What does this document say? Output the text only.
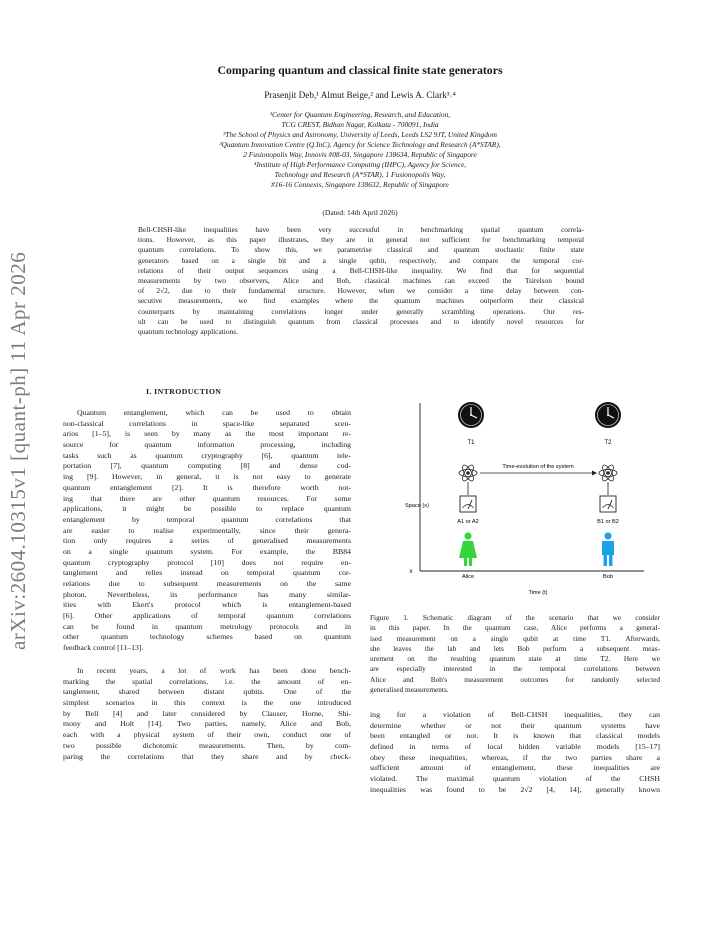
arXiv:2604.10315v1 [quant-ph] 11 Apr 2026
Comparing quantum and classical finite state generators
Prasenjit Deb,¹ Almut Beige,² and Lewis A. Clark³˒⁴
¹Center for Quantum Engineering, Research, and Education,
TCG CREST, Bidhan Nagar, Kolkata - 700091, India
²The School of Physics and Astronomy, University of Leeds, Leeds LS2 9JT, United Kingdom
³Quantum Innovation Centre (Q.InC), Agency for Science Technology and Research (A*STAR),
2 Fusionopolis Way, Innovis #08-03, Singapore 138634, Republic of Singapore
⁴Institute of High Performance Computing (IHPC), Agency for Science,
Technology and Research (A*STAR), 1 Fusionopolis Way,
#16-16 Connexis, Singapore 138632, Republic of Singapore
(Dated: 14th April 2026)
Bell-CHSH-like inequalities have been very successful in benchmarking spatial quantum correla-
tions. However, as this paper illustrates, they are in general not sufficient for benchmarking temporal
quantum correlations. To show this, we parametrise classical and quantum stochastic finite state
generators based on a single bit and a single qubit, respectively, and compare the temporal cor-
relations of their output sequences using a Bell-CHSH-like inequality. We find that for sequential
measurements by two observers, Alice and Bob, classical machines can exceed the Tsirelson bound
of 2√2, due to their fundamental structure. However, when we consider a time delay between con-
secutive measurements, we find examples where the quantum machines outperform their classical
counterparts by maintaining correlations longer under generally scrambling operations. Our res-
ult can be used to distinguish quantum from classical processes and to identify novel resources for
quantum technology applications.
I. INTRODUCTION
Quantum entanglement, which can be used to obtain
non-classical correlations in space-like separated scen-
arios [1–5], is seen by many as the most important re-
source for quantum information processing, including
tasks such as quantum cryptography [6], quantum tele-
portation [7], quantum computing [8] and dense cod-
ing [9]. However, in general, it is not easy to generate
quantum entanglement [2]. It is therefore worth not-
ing that there are other quantum resources. For some
applications, it might be possible to replace quantum
entanglement by temporal quantum correlations that
are easier to realise experimentally, since their genera-
tion only requires a series of generalised measurements
on a single quantum system. For example, the BB84
quantum cryptography protocol [10] does not require en-
tanglement and relies instead on temporal quantum cor-
relations due to subsequent measurements on the same
photon. Nevertheless, its performance has many similar-
ities with Ekert's protocol which is entanglement-based
[6]. Other applications of temporal quantum correlations
can be found in quantum metrology protocols and in
other quantum technology schemes based on quantum
feedback control [11–13].
In recent years, a lot of work has been done bench-
marking the spatial correlations, i.e. the amount of en-
tanglement, shared between distant qubits. One of the
simplest scenarios in this context is the one introduced
by Bell [4] and later considered by Clauser, Horne, Shi-
mony and Holt [14]. Two parties, namely, Alice and Bob,
each with a physical system of their own, conduct one of
two possible dichotomic measurements. Then, by com-
paring the correlations that they share and by check-
T1	T2
Time-evolution of the system
Space (x)
A1 or A2	B1 or B2
x
Alice	Bob
Time (t)
Figure 1. Schematic diagram of the scenario that we consider
in this paper. In the quantum case, Alice performs a general-
ised measurement on a single qubit at time T1. Afterwards,
she leaves the lab and lets Bob perform a subsequent meas-
urement on the resulting quantum state at time T2. Here we
are especially interested in the temporal correlations between
Alice and Bob's measurement outcomes for randomly selected
generalised measurements.
ing for a violation of Bell-CHSH inequalities, they can
determine whether or not their quantum systems have
been entangled or not. It is known that classical models
defined in terms of local hidden variable models [15–17]
obey these inequalities, whereas, if the two parties share a
sufficient amount of entanglement, these inequalities are
violated. The maximal quantum violation of the CHSH
inequalities was found to be 2√2 [4, 14], generally known
